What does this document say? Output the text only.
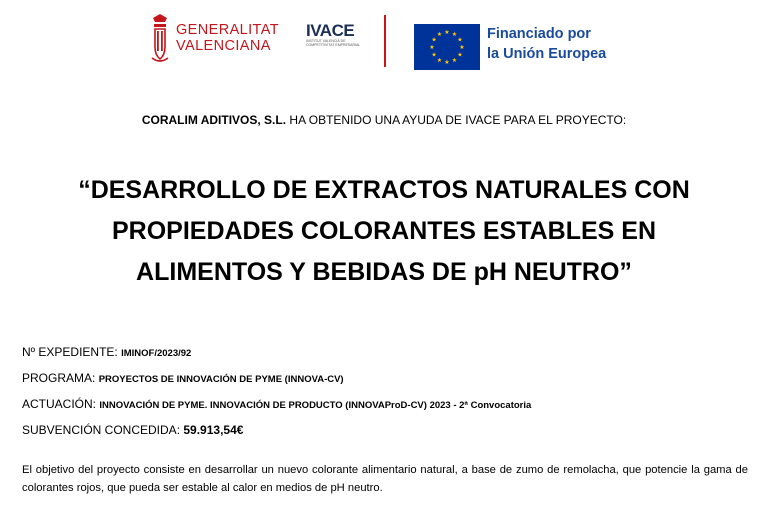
GENERALITAT
VALENCIANA
IVACE
INSTITUT VALENCIÀ DE COMPETITIVITAT EMPRESARIAL	★
★
★
★
★
★
★
★
★ ★ ★
★ Financiado por
la Unión Europea
CORALIM ADITIVOS, S.L. HA OBTENIDO UNA AYUDA DE IVACE PARA EL PROYECTO:
“DESARROLLO DE EXTRACTOS NATURALES CON
PROPIEDADES COLORANTES ESTABLES EN
ALIMENTOS Y BEBIDAS DE pH NEUTRO”
Nº EXPEDIENTE: IMINOF/2023/92
PROGRAMA: PROYECTOS DE INNOVACIÓN DE PYME (INNOVA-CV)
ACTUACIÓN: INNOVACIÓN DE PYME. INNOVACIÓN DE PRODUCTO (INNOVAProD-CV) 2023 - 2ª Convocatoria
SUBVENCIÓN CONCEDIDA: 59.913,54€
El objetivo del proyecto consiste en desarrollar un nuevo colorante alimentario natural, a base de zumo de remolacha, que potencie la gama de colorantes rojos, que pueda ser estable al calor en medios de pH neutro.
